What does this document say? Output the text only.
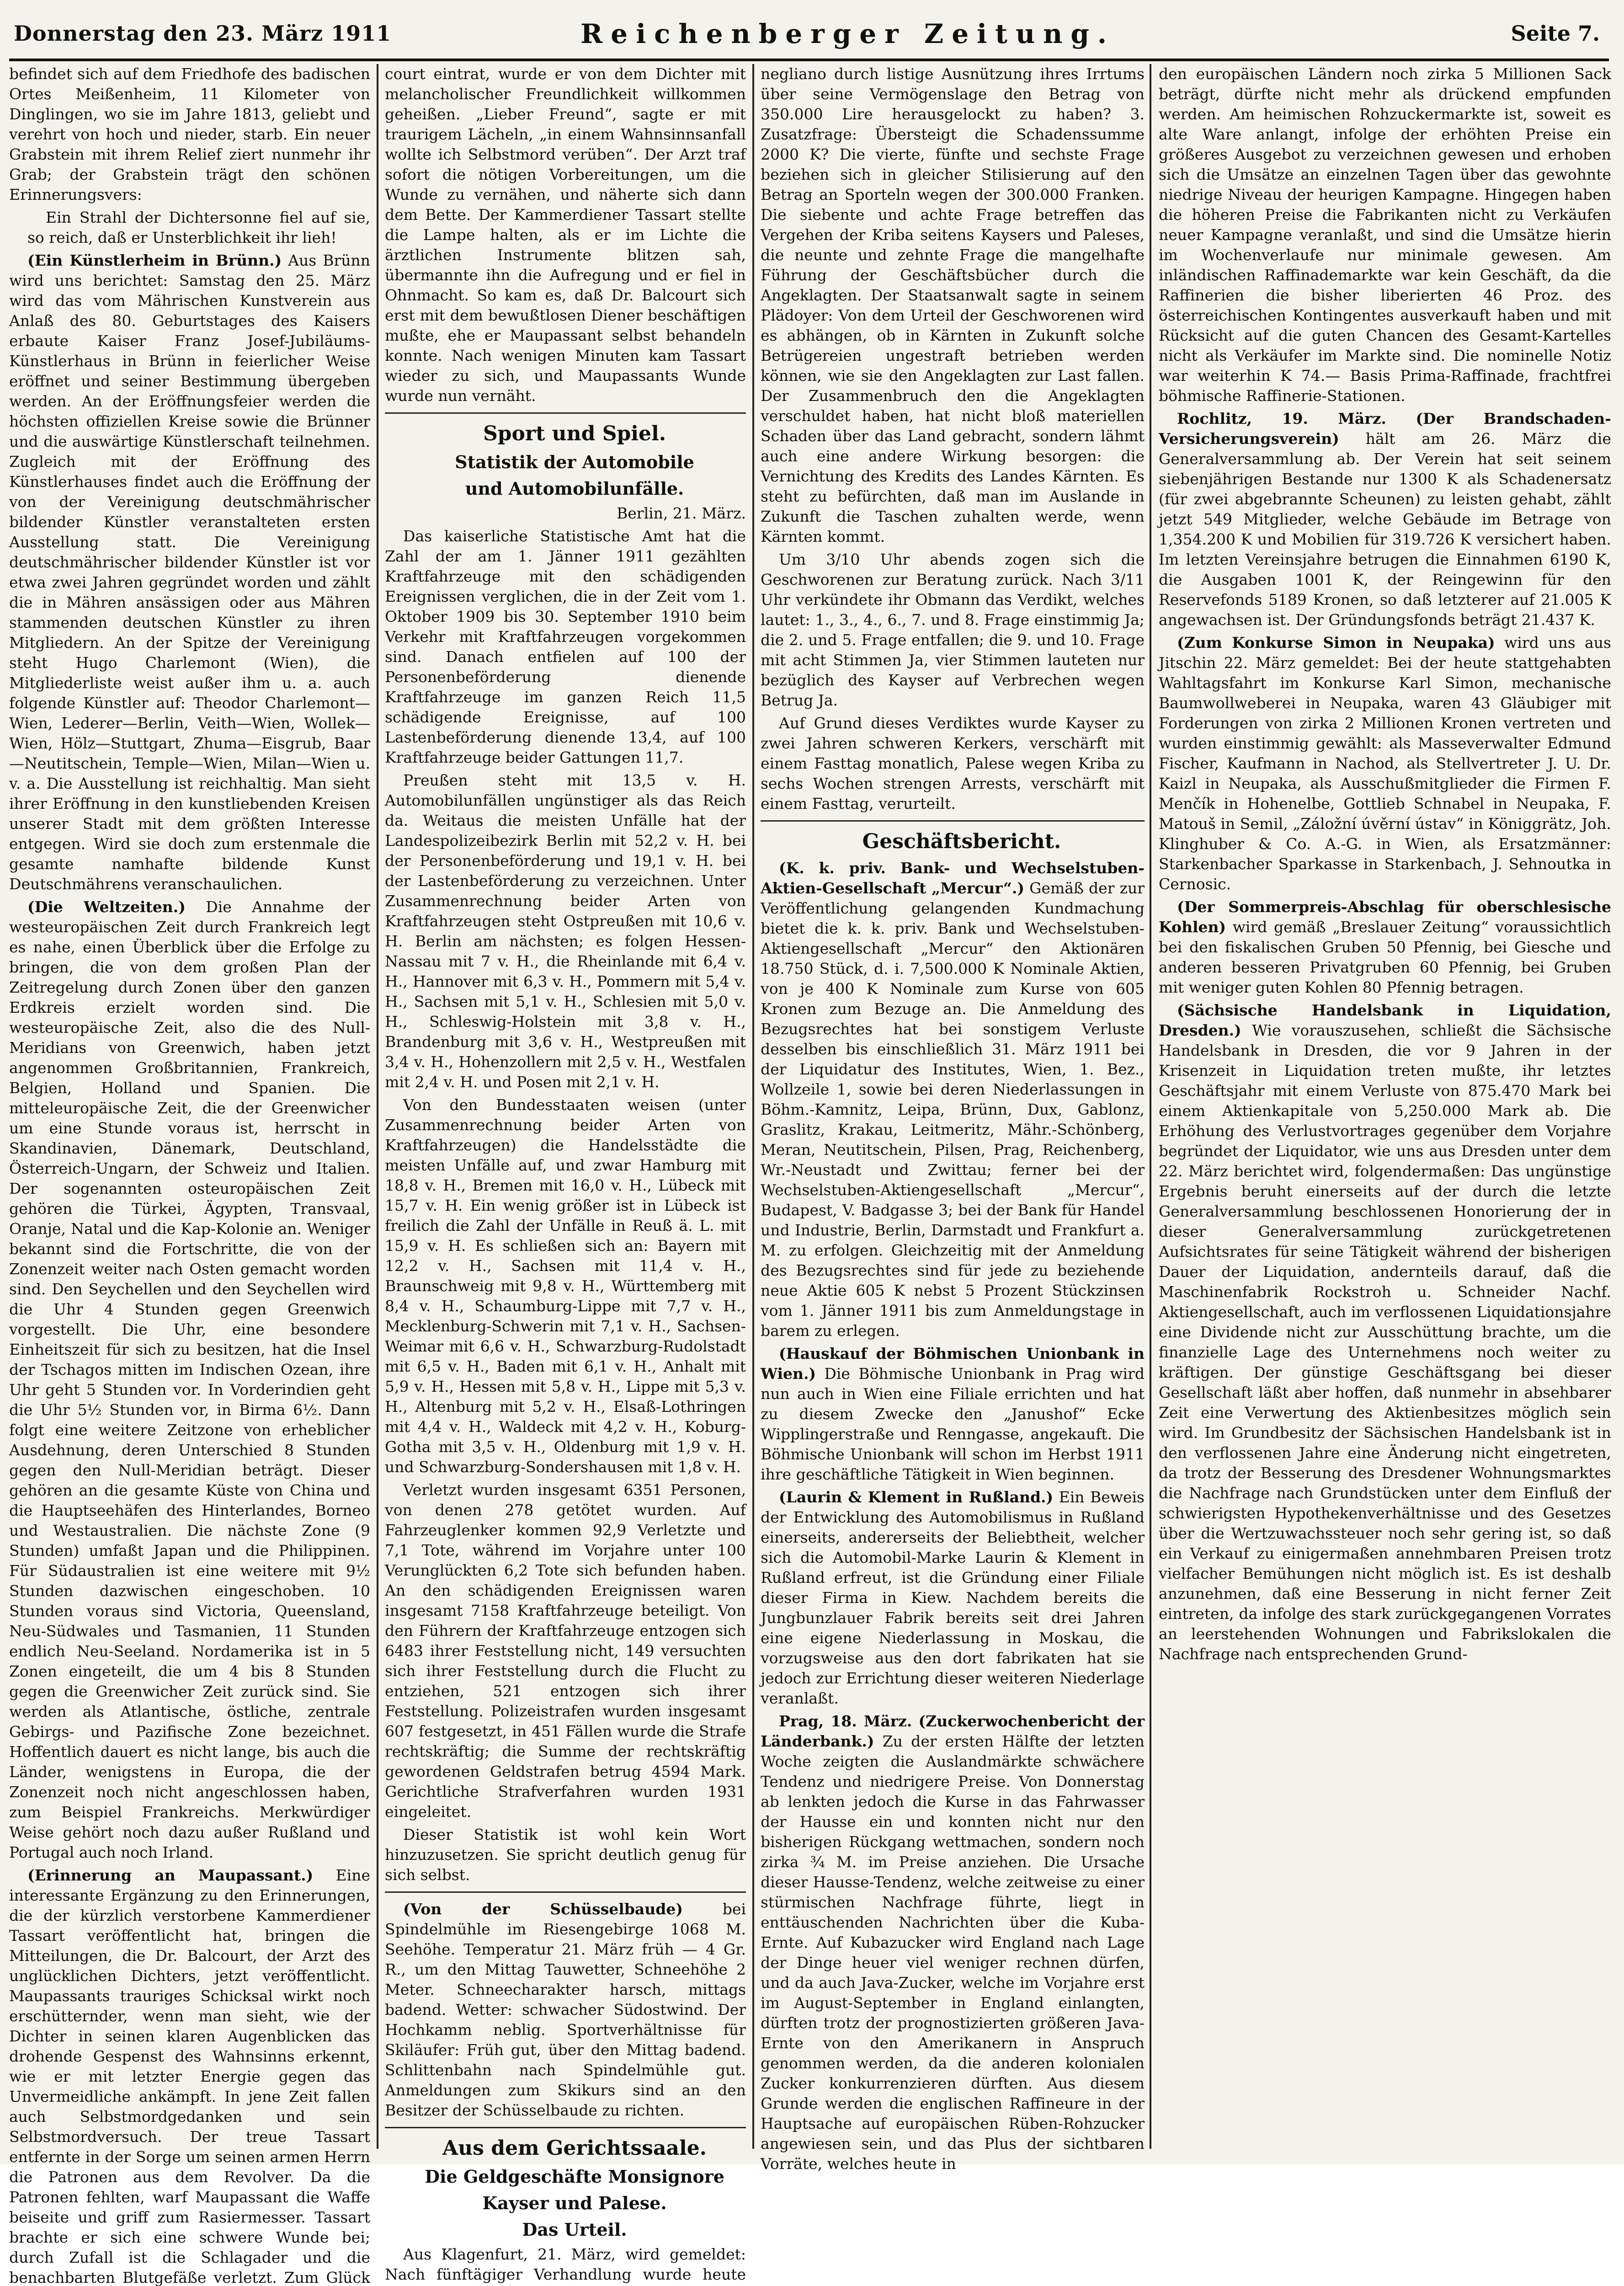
Donnerstag den 23. März 1911	Reichenberger Zeitung.	Seite 7.

befindet sich auf dem Friedhofe des badischen Ortes Meißenheim, 11 Kilometer von Dinglingen, wo sie im Jahre 1813, geliebt und verehrt von hoch und nieder, starb. Ein neuer Grabstein mit ihrem Relief ziert nunmehr ihr Grab; der Grabstein trägt den schönen Erinnerungsvers:

Ein Strahl der Dichtersonne fiel auf sie, so reich, daß er Unsterblichkeit ihr lieh!

(Ein Künstlerheim in Brünn.) Aus Brünn wird uns berichtet: Samstag den 25. März wird das vom Mährischen Kunstverein aus Anlaß des 80. Geburtstages des Kaisers erbaute Kaiser Franz Josef-Jubiläums-Künstlerhaus in Brünn in feierlicher Weise eröffnet und seiner Bestimmung übergeben werden. An der Eröffnungsfeier werden die höchsten offiziellen Kreise sowie die Brünner und die auswärtige Künstlerschaft teilnehmen. Zugleich mit der Eröffnung des Künstlerhauses findet auch die Eröffnung der von der Vereinigung deutschmährischer bildender Künstler veranstalteten ersten Ausstellung statt. Die Vereinigung deutschmährischer bildender Künstler ist vor etwa zwei Jahren gegründet worden und zählt die in Mähren ansässigen oder aus Mähren stammenden deutschen Künstler zu ihren Mitgliedern. An der Spitze der Vereinigung steht Hugo Charlemont (Wien), die Mitgliederliste weist außer ihm u. a. auch folgende Künstler auf: Theodor Charlemont—Wien, Lederer—Berlin, Veith—Wien, Wollek—Wien, Hölz—Stuttgart, Zhuma—Eisgrub, Baar—Neutitschein, Temple—Wien, Milan—Wien u. v. a. Die Ausstellung ist reichhaltig. Man sieht ihrer Eröffnung in den kunstliebenden Kreisen unserer Stadt mit dem größten Interesse entgegen. Wird sie doch zum erstenmale die gesamte namhafte bildende Kunst Deutschmährens veranschaulichen.

(Die Weltzeiten.) Die Annahme der westeuropäischen Zeit durch Frankreich legt es nahe, einen Überblick über die Erfolge zu bringen, die von dem großen Plan der Zeitregelung durch Zonen über den ganzen Erdkreis erzielt worden sind. Die westeuropäische Zeit, also die des Null-Meridians von Greenwich, haben jetzt angenommen Großbritannien, Frankreich, Belgien, Holland und Spanien. Die mitteleuropäische Zeit, die der Greenwicher um eine Stunde voraus ist, herrscht in Skandinavien, Dänemark, Deutschland, Österreich-Ungarn, der Schweiz und Italien. Der sogenannten osteuropäischen Zeit gehören die Türkei, Ägypten, Transvaal, Oranje, Natal und die Kap-Kolonie an. Weniger bekannt sind die Fortschritte, die von der Zonenzeit weiter nach Osten gemacht worden sind. Den Seychellen und den Seychellen wird die Uhr 4 Stunden gegen Greenwich vorgestellt. Die Uhr, eine besondere Einheitszeit für sich zu besitzen, hat die Insel der Tschagos mitten im Indischen Ozean, ihre Uhr geht 5 Stunden vor. In Vorderindien geht die Uhr 5½ Stunden vor, in Birma 6½. Dann folgt eine weitere Zeitzone von erheblicher Ausdehnung, deren Unterschied 8 Stunden gegen den Null-Meridian beträgt. Dieser gehören an die gesamte Küste von China und die Hauptseehäfen des Hinterlandes, Borneo und Westaustralien. Die nächste Zone (9 Stunden) umfaßt Japan und die Philippinen. Für Südaustralien ist eine weitere mit 9½ Stunden dazwischen eingeschoben. 10 Stunden voraus sind Victoria, Queensland, Neu-Südwales und Tasmanien, 11 Stunden endlich Neu-Seeland. Nordamerika ist in 5 Zonen eingeteilt, die um 4 bis 8 Stunden gegen die Greenwicher Zeit zurück sind. Sie werden als Atlantische, östliche, zentrale Gebirgs- und Pazifische Zone bezeichnet. Hoffentlich dauert es nicht lange, bis auch die Länder, wenigstens in Europa, die der Zonenzeit noch nicht angeschlossen haben, zum Beispiel Frankreichs. Merkwürdiger Weise gehört noch dazu außer Rußland und Portugal auch noch Irland.

(Erinnerung an Maupassant.) Eine interessante Ergänzung zu den Erinnerungen, die der kürzlich verstorbene Kammerdiener Tassart veröffentlicht hat, bringen die Mitteilungen, die Dr. Balcourt, der Arzt des unglücklichen Dichters, jetzt veröffentlicht. Maupassants trauriges Schicksal wirkt noch erschütternder, wenn man sieht, wie der Dichter in seinen klaren Augenblicken das drohende Gespenst des Wahnsinns erkennt, wie er mit letzter Energie gegen das Unvermeidliche ankämpft. In jene Zeit fallen auch Selbstmordgedanken und sein Selbstmordversuch. Der treue Tassart entfernte in der Sorge um seinen armen Herrn die Patronen aus dem Revolver. Da die Patronen fehlten, warf Maupassant die Waffe beiseite und griff zum Rasiermesser. Tassart brachte er sich eine schwere Wunde bei; durch Zufall ist die Schlagader und die benachbarten Blutgefäße verletzt. Zum Glück

court eintrat, wurde er von dem Dichter mit melancholischer Freundlichkeit willkommen geheißen. „Lieber Freund“, sagte er mit traurigem Lächeln, „in einem Wahnsinnsanfall wollte ich Selbstmord verüben“. Der Arzt traf sofort die nötigen Vorbereitungen, um die Wunde zu vernähen, und näherte sich dann dem Bette. Der Kammerdiener Tassart stellte die Lampe halten, als er im Lichte die ärztlichen Instrumente blitzen sah, übermannte ihn die Aufregung und er fiel in Ohnmacht. So kam es, daß Dr. Balcourt sich erst mit dem bewußtlosen Diener beschäftigen mußte, ehe er Maupassant selbst behandeln konnte. Nach wenigen Minuten kam Tassart wieder zu sich, und Maupassants Wunde wurde nun vernäht.

Sport und Spiel.

Statistik der Automobile

und Automobilunfälle.

Berlin, 21. März.

Das kaiserliche Statistische Amt hat die Zahl der am 1. Jänner 1911 gezählten Kraftfahrzeuge mit den schädigenden Ereignissen verglichen, die in der Zeit vom 1. Oktober 1909 bis 30. September 1910 beim Verkehr mit Kraftfahrzeugen vorgekommen sind. Danach entfielen auf 100 der Personenbeförderung dienende Kraftfahrzeuge im ganzen Reich 11,5 schädigende Ereignisse, auf 100 Lastenbeförderung dienende 13,4, auf 100 Kraftfahrzeuge beider Gattungen 11,7.

Preußen steht mit 13,5 v. H. Automobilunfällen ungünstiger als das Reich da. Weitaus die meisten Unfälle hat der Landespolizeibezirk Berlin mit 52,2 v. H. bei der Personenbeförderung und 19,1 v. H. bei der Lastenbeförderung zu verzeichnen. Unter Zusammenrechnung beider Arten von Kraftfahrzeugen steht Ostpreußen mit 10,6 v. H. Berlin am nächsten; es folgen Hessen-Nassau mit 7 v. H., die Rheinlande mit 6,4 v. H., Hannover mit 6,3 v. H., Pommern mit 5,4 v. H., Sachsen mit 5,1 v. H., Schlesien mit 5,0 v. H., Schleswig-Holstein mit 3,8 v. H., Brandenburg mit 3,6 v. H., Westpreußen mit 3,4 v. H., Hohenzollern mit 2,5 v. H., Westfalen mit 2,4 v. H. und Posen mit 2,1 v. H.

Von den Bundesstaaten weisen (unter Zusammenrechnung beider Arten von Kraftfahrzeugen) die Handelsstädte die meisten Unfälle auf, und zwar Hamburg mit 18,8 v. H., Bremen mit 16,0 v. H., Lübeck mit 15,7 v. H. Ein wenig größer ist in Lübeck ist freilich die Zahl der Unfälle in Reuß ä. L. mit 15,9 v. H. Es schließen sich an: Bayern mit 12,2 v. H., Sachsen mit 11,4 v. H., Braunschweig mit 9,8 v. H., Württemberg mit 8,4 v. H., Schaumburg-Lippe mit 7,7 v. H., Mecklenburg-Schwerin mit 7,1 v. H., Sachsen-Weimar mit 6,6 v. H., Schwarzburg-Rudolstadt mit 6,5 v. H., Baden mit 6,1 v. H., Anhalt mit 5,9 v. H., Hessen mit 5,8 v. H., Lippe mit 5,3 v. H., Altenburg mit 5,2 v. H., Elsaß-Lothringen mit 4,4 v. H., Waldeck mit 4,2 v. H., Koburg-Gotha mit 3,5 v. H., Oldenburg mit 1,9 v. H. und Schwarzburg-Sondershausen mit 1,8 v. H.

Verletzt wurden insgesamt 6351 Personen, von denen 278 getötet wurden. Auf Fahrzeuglenker kommen 92,9 Verletzte und 7,1 Tote, während im Vorjahre unter 100 Verunglückten 6,2 Tote sich befunden haben. An den schädigenden Ereignissen waren insgesamt 7158 Kraftfahrzeuge beteiligt. Von den Führern der Kraftfahrzeuge entzogen sich 6483 ihrer Feststellung nicht, 149 versuchten sich ihrer Feststellung durch die Flucht zu entziehen, 521 entzogen sich ihrer Feststellung. Polizeistrafen wurden insgesamt 607 festgesetzt, in 451 Fällen wurde die Strafe rechtskräftig; die Summe der rechtskräftig gewordenen Geldstrafen betrug 4594 Mark. Gerichtliche Strafverfahren wurden 1931 eingeleitet.

Dieser Statistik ist wohl kein Wort hinzuzusetzen. Sie spricht deutlich genug für sich selbst.

(Von der Schüsselbaude)	bei Spindelmühle im Riesengebirge 1068 M. Seehöhe. Temperatur 21. März früh — 4 Gr. R., um den Mittag Tauwetter, Schneehöhe 2 Meter. Schneecharakter harsch, mittags badend. Wetter: schwacher Südostwind. Der Hochkamm neblig. Sportverhältnisse für Skiläufer: Früh gut, über den Mittag badend. Schlittenbahn nach Spindelmühle gut. Anmeldungen zum Skikurs sind an den Besitzer der Schüsselbaude zu richten.

Aus dem Gerichtssaale.

Die Geldgeschäfte Monsignore

Kayser und Palese.

Das Urteil.

Aus Klagenfurt, 21. März, wird gemeldet: Nach fünftägiger Verhandlung wurde heute

negliano durch listige Ausnützung ihres Irrtums über seine Vermögenslage den Betrag von 350.000 Lire herausgelockt zu haben? 3. Zusatzfrage: Übersteigt die Schadenssumme 2000 K? Die vierte, fünfte und sechste Frage beziehen sich in gleicher Stilisierung auf den Betrag an Sporteln wegen der 300.000 Franken. Die siebente und achte Frage betreffen das Vergehen der Kriba seitens Kaysers und Paleses, die neunte und zehnte Frage die mangelhafte Führung der Geschäftsbücher durch die Angeklagten. Der Staatsanwalt sagte in seinem Plädoyer: Von dem Urteil der Geschworenen wird es abhängen, ob in Kärnten in Zukunft solche Betrügereien ungestraft betrieben werden können, wie sie den Angeklagten zur Last fallen. Der Zusammenbruch den die Angeklagten verschuldet haben, hat nicht bloß materiellen Schaden über das Land gebracht, sondern lähmt auch eine andere Wirkung besorgen: die Vernichtung des Kredits des Landes Kärnten. Es steht zu befürchten, daß man im Auslande in Zukunft die Taschen zuhalten werde, wenn Kärnten kommt.

Um 3/10 Uhr abends zogen sich die Geschworenen zur Beratung zurück. Nach 3/11 Uhr verkündete ihr Obmann das Verdikt, welches lautet: 1., 3., 4., 6., 7. und 8. Frage einstimmig Ja; die 2. und 5. Frage entfallen; die 9. und 10. Frage mit acht Stimmen Ja, vier Stimmen lauteten nur bezüglich des Kayser auf Verbrechen wegen Betrug Ja.

Auf Grund dieses Verdiktes wurde Kayser zu zwei Jahren schweren Kerkers, verschärft mit einem Fasttag monatlich, Palese wegen Kriba zu sechs Wochen strengen Arrests, verschärft mit einem Fasttag, verurteilt.

Geschäftsbericht.

(K. k. priv. Bank- und Wechselstuben-Aktien-Gesellschaft „Mercur“.) Gemäß der zur Veröffentlichung gelangenden Kundmachung bietet die k. k. priv. Bank und Wechselstuben-Aktiengesellschaft „Mercur“ den Aktionären 18.750 Stück, d. i. 7,500.000 K Nominale Aktien, von je 400 K Nominale zum Kurse von 605 Kronen zum Bezuge an. Die Anmeldung des Bezugsrechtes hat bei sonstigem Verluste desselben bis einschließlich 31. März 1911 bei der Liquidatur des Institutes, Wien, 1. Bez., Wollzeile 1, sowie bei deren Niederlassungen in Böhm.-Kamnitz, Leipa, Brünn, Dux, Gablonz, Graslitz, Krakau, Leitmeritz, Mähr.-Schönberg, Meran, Neutitschein, Pilsen, Prag, Reichenberg, Wr.-Neustadt und Zwittau; ferner bei der Wechselstuben-Aktiengesellschaft „Mercur“, Budapest, V. Badgasse 3; bei der Bank für Handel und Industrie, Berlin, Darmstadt und Frankfurt a. M. zu erfolgen. Gleichzeitig mit der Anmeldung des Bezugsrechtes sind für jede zu beziehende neue Aktie 605 K nebst 5 Prozent Stückzinsen vom 1. Jänner 1911 bis zum Anmeldungstage in barem zu erlegen.

(Hauskauf der Böhmischen Unionbank in Wien.) Die Böhmische Unionbank in Prag wird nun auch in Wien eine Filiale errichten und hat zu diesem Zwecke den „Janushof“ Ecke Wipplingerstraße und Renngasse, angekauft. Die Böhmische Unionbank will schon im Herbst 1911 ihre geschäftliche Tätigkeit in Wien beginnen.

(Laurin & Klement in Rußland.) Ein Beweis der Entwicklung des Automobilismus in Rußland einerseits, andererseits der Beliebtheit, welcher sich die Automobil-Marke Laurin & Klement in Rußland erfreut, ist die Gründung einer Filiale dieser Firma in Kiew. Nachdem bereits die Jungbunzlauer Fabrik bereits seit drei Jahren eine eigene Niederlassung in Moskau, die vorzugsweise aus den dort fabrikaten hat sie jedoch zur Errichtung dieser weiteren Niederlage veranlaßt.

Prag, 18. März. (Zuckerwochenbericht der Länderbank.) Zu der ersten Hälfte der letzten Woche zeigten die Auslandmärkte schwächere Tendenz und niedrigere Preise. Von Donnerstag ab lenkten jedoch die Kurse in das Fahrwasser der Hausse ein und konnten nicht nur den bisherigen Rückgang wettmachen, sondern noch zirka ¾ M. im Preise anziehen. Die Ursache dieser Hausse-Tendenz, welche zeitweise zu einer stürmischen Nachfrage führte, liegt in enttäuschenden Nachrichten über die Kuba-Ernte. Auf Kubazucker wird England nach Lage der Dinge heuer viel weniger rechnen dürfen, und da auch Java-Zucker, welche im Vorjahre erst im August-September in England einlangten, dürften trotz der prognostizierten größeren Java-Ernte von den Amerikanern in Anspruch genommen werden, da die anderen kolonialen Zucker konkurrenzieren dürften. Aus diesem Grunde werden die englischen Raffineure in der Hauptsache auf europäischen Rüben-Rohzucker angewiesen sein, und das Plus der sichtbaren Vorräte, welches heute in

den europäischen Ländern noch zirka 5 Millionen Sack beträgt, dürfte nicht mehr als drückend empfunden werden. Am heimischen Rohzuckermarkte ist, soweit es alte Ware anlangt, infolge der erhöhten Preise ein größeres Ausgebot zu verzeichnen gewesen und erhoben sich die Umsätze an einzelnen Tagen über das gewohnte niedrige Niveau der heurigen Kampagne. Hingegen haben die höheren Preise die Fabrikanten nicht zu Verkäufen neuer Kampagne veranlaßt, und sind die Umsätze hierin im Wochenverlaufe nur minimale gewesen. Am inländischen Raffinademarkte war kein Geschäft, da die Raffinerien die bisher liberierten 46 Proz. des österreichischen Kontingentes ausverkauft haben und mit Rücksicht auf die guten Chancen des Gesamt-Kartelles nicht als Verkäufer im Markte sind. Die nominelle Notiz war weiterhin K 74.— Basis Prima-Raffinade, frachtfrei böhmische Raffinerie-Stationen.

Rochlitz, 19. März. (Der Brandschaden-Versicherungsverein) hält am 26. März die Generalversammlung ab. Der Verein hat seit seinem siebenjährigen Bestande nur 1300 K als Schadenersatz (für zwei abgebrannte Scheunen) zu leisten gehabt, zählt jetzt 549 Mitglieder, welche Gebäude im Betrage von 1,354.200 K und Mobilien für 319.726 K versichert haben. Im letzten Vereinsjahre betrugen die Einnahmen 6190 K, die Ausgaben 1001 K, der Reingewinn für den Reservefonds 5189 Kronen, so daß letzterer auf 21.005 K angewachsen ist. Der Gründungsfonds beträgt 21.437 K.

(Zum Konkurse Simon in Neupaka) wird uns aus Jitschin 22. März gemeldet: Bei der heute stattgehabten Wahltagsfahrt im Konkurse Karl Simon, mechanische Baumwollweberei in Neupaka, waren 43 Gläubiger mit Forderungen von zirka 2 Millionen Kronen vertreten und wurden einstimmig gewählt: als Masseverwalter Edmund Fischer, Kaufmann in Nachod, als Stellvertreter J. U. Dr. Kaizl in Neupaka, als Ausschußmitglieder die Firmen F. Menčík in Hohenelbe, Gottlieb Schnabel in Neupaka, F. Matouš in Semil, „Záložní úvěrní ústav“ in Königgrätz, Joh. Klinghuber & Co. A.-G. in Wien, als Ersatzmänner: Starkenbacher Sparkasse in Starkenbach, J. Sehnoutka in Cernosic.

(Der Sommerpreis-Abschlag für oberschlesische Kohlen) wird gemäß „Breslauer Zeitung“ voraussichtlich bei den fiskalischen Gruben 50 Pfennig, bei Giesche und anderen besseren Privatgruben 60 Pfennig, bei Gruben mit weniger guten Kohlen 80 Pfennig betragen.

(Sächsische Handelsbank in Liquidation, Dresden.) Wie vorauszusehen, schließt die Sächsische Handelsbank in Dresden, die vor 9 Jahren in der Krisenzeit in Liquidation treten mußte, ihr letztes Geschäftsjahr mit einem Verluste von 875.470 Mark bei einem Aktienkapitale von 5,250.000 Mark ab. Die Erhöhung des Verlustvortrages gegenüber dem Vorjahre begründet der Liquidator, wie uns aus Dresden unter dem 22. März berichtet wird, folgendermaßen: Das ungünstige Ergebnis beruht einerseits auf der durch die letzte Generalversammlung beschlossenen Honorierung der in dieser Generalversammlung zurückgetretenen Aufsichtsrates für seine Tätigkeit während der bisherigen Dauer der Liquidation, andernteils darauf, daß die Maschinenfabrik Rockstroh u. Schneider Nachf. Aktiengesellschaft, auch im verflossenen Liquidationsjahre eine Dividende nicht zur Ausschüttung brachte, um die finanzielle Lage des Unternehmens noch weiter zu kräftigen. Der günstige Geschäftsgang bei dieser Gesellschaft läßt aber hoffen, daß nunmehr in absehbarer Zeit eine Verwertung des Aktienbesitzes möglich sein wird. Im Grundbesitz der Sächsischen Handelsbank ist in den verflossenen Jahre eine Änderung nicht eingetreten, da trotz der Besserung des Dresdener Wohnungsmarktes die Nachfrage nach Grundstücken unter dem Einfluß der schwierigsten Hypothekenverhältnisse und des Gesetzes über die Wertzuwachssteuer noch sehr gering ist, so daß ein Verkauf zu einigermaßen annehmbaren Preisen trotz vielfacher Bemühungen nicht möglich ist. Es ist deshalb anzunehmen, daß eine Besserung in nicht ferner Zeit eintreten, da infolge des stark zurückgegangenen Vorrates an leerstehenden Wohnungen und Fabrikslokalen die Nachfrage nach entsprechenden Grund-
